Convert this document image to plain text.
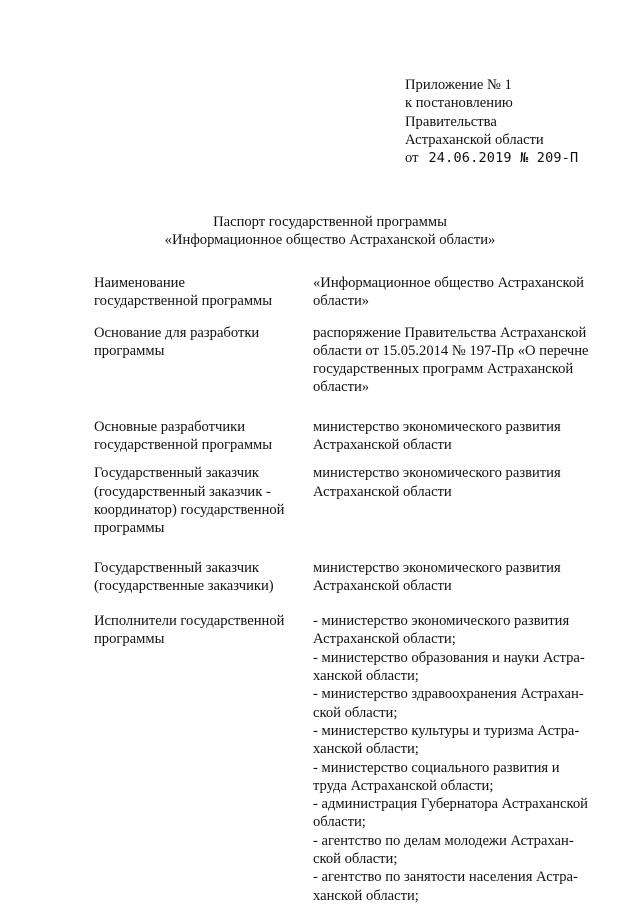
Приложение № 1
к постановлению
Правительства
Астраханской области
от 24.06.2019 № 209-П
Паспорт государственной программы
«Информационное общество Астраханской области»
Наименование
государственной программы
«Информационное общество Астраханской
области»
Основание для разработки
программы
распоряжение Правительства Астраханской
области от 15.05.2014 № 197-Пр «О перечне
государственных программ Астраханской
области»
Основные разработчики
государственной программы
министерство экономического развития
Астраханской области
Государственный заказчик
(государственный заказчик -
координатор) государственной
программы
министерство экономического развития
Астраханской области
Государственный заказчик
(государственные заказчики)
министерство экономического развития
Астраханской области
Исполнители государственной
программы
- министерство экономического развития
Астраханской области;
- министерство образования и науки Астра-
ханской области;
- министерство здравоохранения Астрахан-
ской области;
- министерство культуры и туризма Астра-
ханской области;
- министерство социального развития и
труда Астраханской области;
- администрация Губернатора Астраханской
области;
- агентство по делам молодежи Астрахан-
ской области;
- агентство по занятости населения Астра-
ханской области;
